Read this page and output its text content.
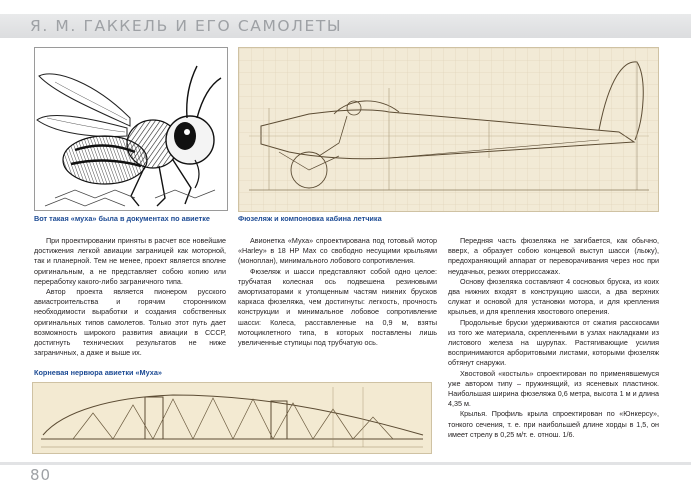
Я. М. ГАККЕЛЬ И ЕГО САМОЛЕТЫ
Вот такая «муха» была в документах по авиетке	Фюзеляж и компоновка кабина летчика

При проектировании приняты в расчет все новейшие достижения легкой авиации заграницей как моторной, так и планерной. Тем не менее, проект является вполне оригинальным, а не представляет собою копию или переработку какого-либо заграничного типа.

Автор проекта является пионером русского авиастроительства и горячим сторонником необходимости выработки и создания собственных оригинальных типов самолетов. Только этот путь дает возможность широкого развития авиации в СССР, достигнуть технических результатов не ниже заграничных, а даже и выше их.

Корневая нервюра авиетки «Муха»

Авионетка «Муха» спроектирована под готовый мотор «Harley» в 18 HP Max со свободно несущими крыльями (моноплан), минимального лобового сопротивления.

Фюзеляж и шасси представляют собой одно целое: трубчатая колесная ось подвешена резиновыми амортизаторами к утолщенным частям нижних брусков каркаса фюзеляжа, чем достигнуты: легкость, прочность конструкции и минимальное лобовое сопротивление шасси: Колеса, расставленные на 0,9 м, взяты мотоциклетного типа, в которых поставлены лишь увеличенные ступицы под трубчатую ось.

Передняя часть фюзеляжа не загибается, как обычно, вверх, а образует собою концевой выступ шасси (лыжу), предохраняющий аппарат от переворачивания через нос при неудачных, резких отерриссажах.

Основу фюзеляжа составляют 4 сосновых бруска, из коих два нижних входят в конструкцию шасси, а два верхних служат и основой для установки мотора, и для крепления крыльев, и для крепления хвостового оперения.

Продольные бруски удерживаются от сжатия расскосами из того же материала, скрепленными в узлах накладками из листового железа на шурупах. Растягивающие усилия воспринимаются арборитовыми листами, которыми фюзеляж обтянут снаружи.

Хвостовой «костыль» спроектирован по применявшемуся уже автором типу – пружинящий, из ясеневых пластинок. Наибольшая ширина фюзеляжа 0,6 метра, высота 1 м и длина 4,35 м.

Крылья. Профиль крыла спроектирован по «Юнкерсу», тонкого сечения, т. е. при наибольшей длине хорды в 1,5, он имеет стрелу в 0,25 м/т. е. отнош. 1/6.

80
